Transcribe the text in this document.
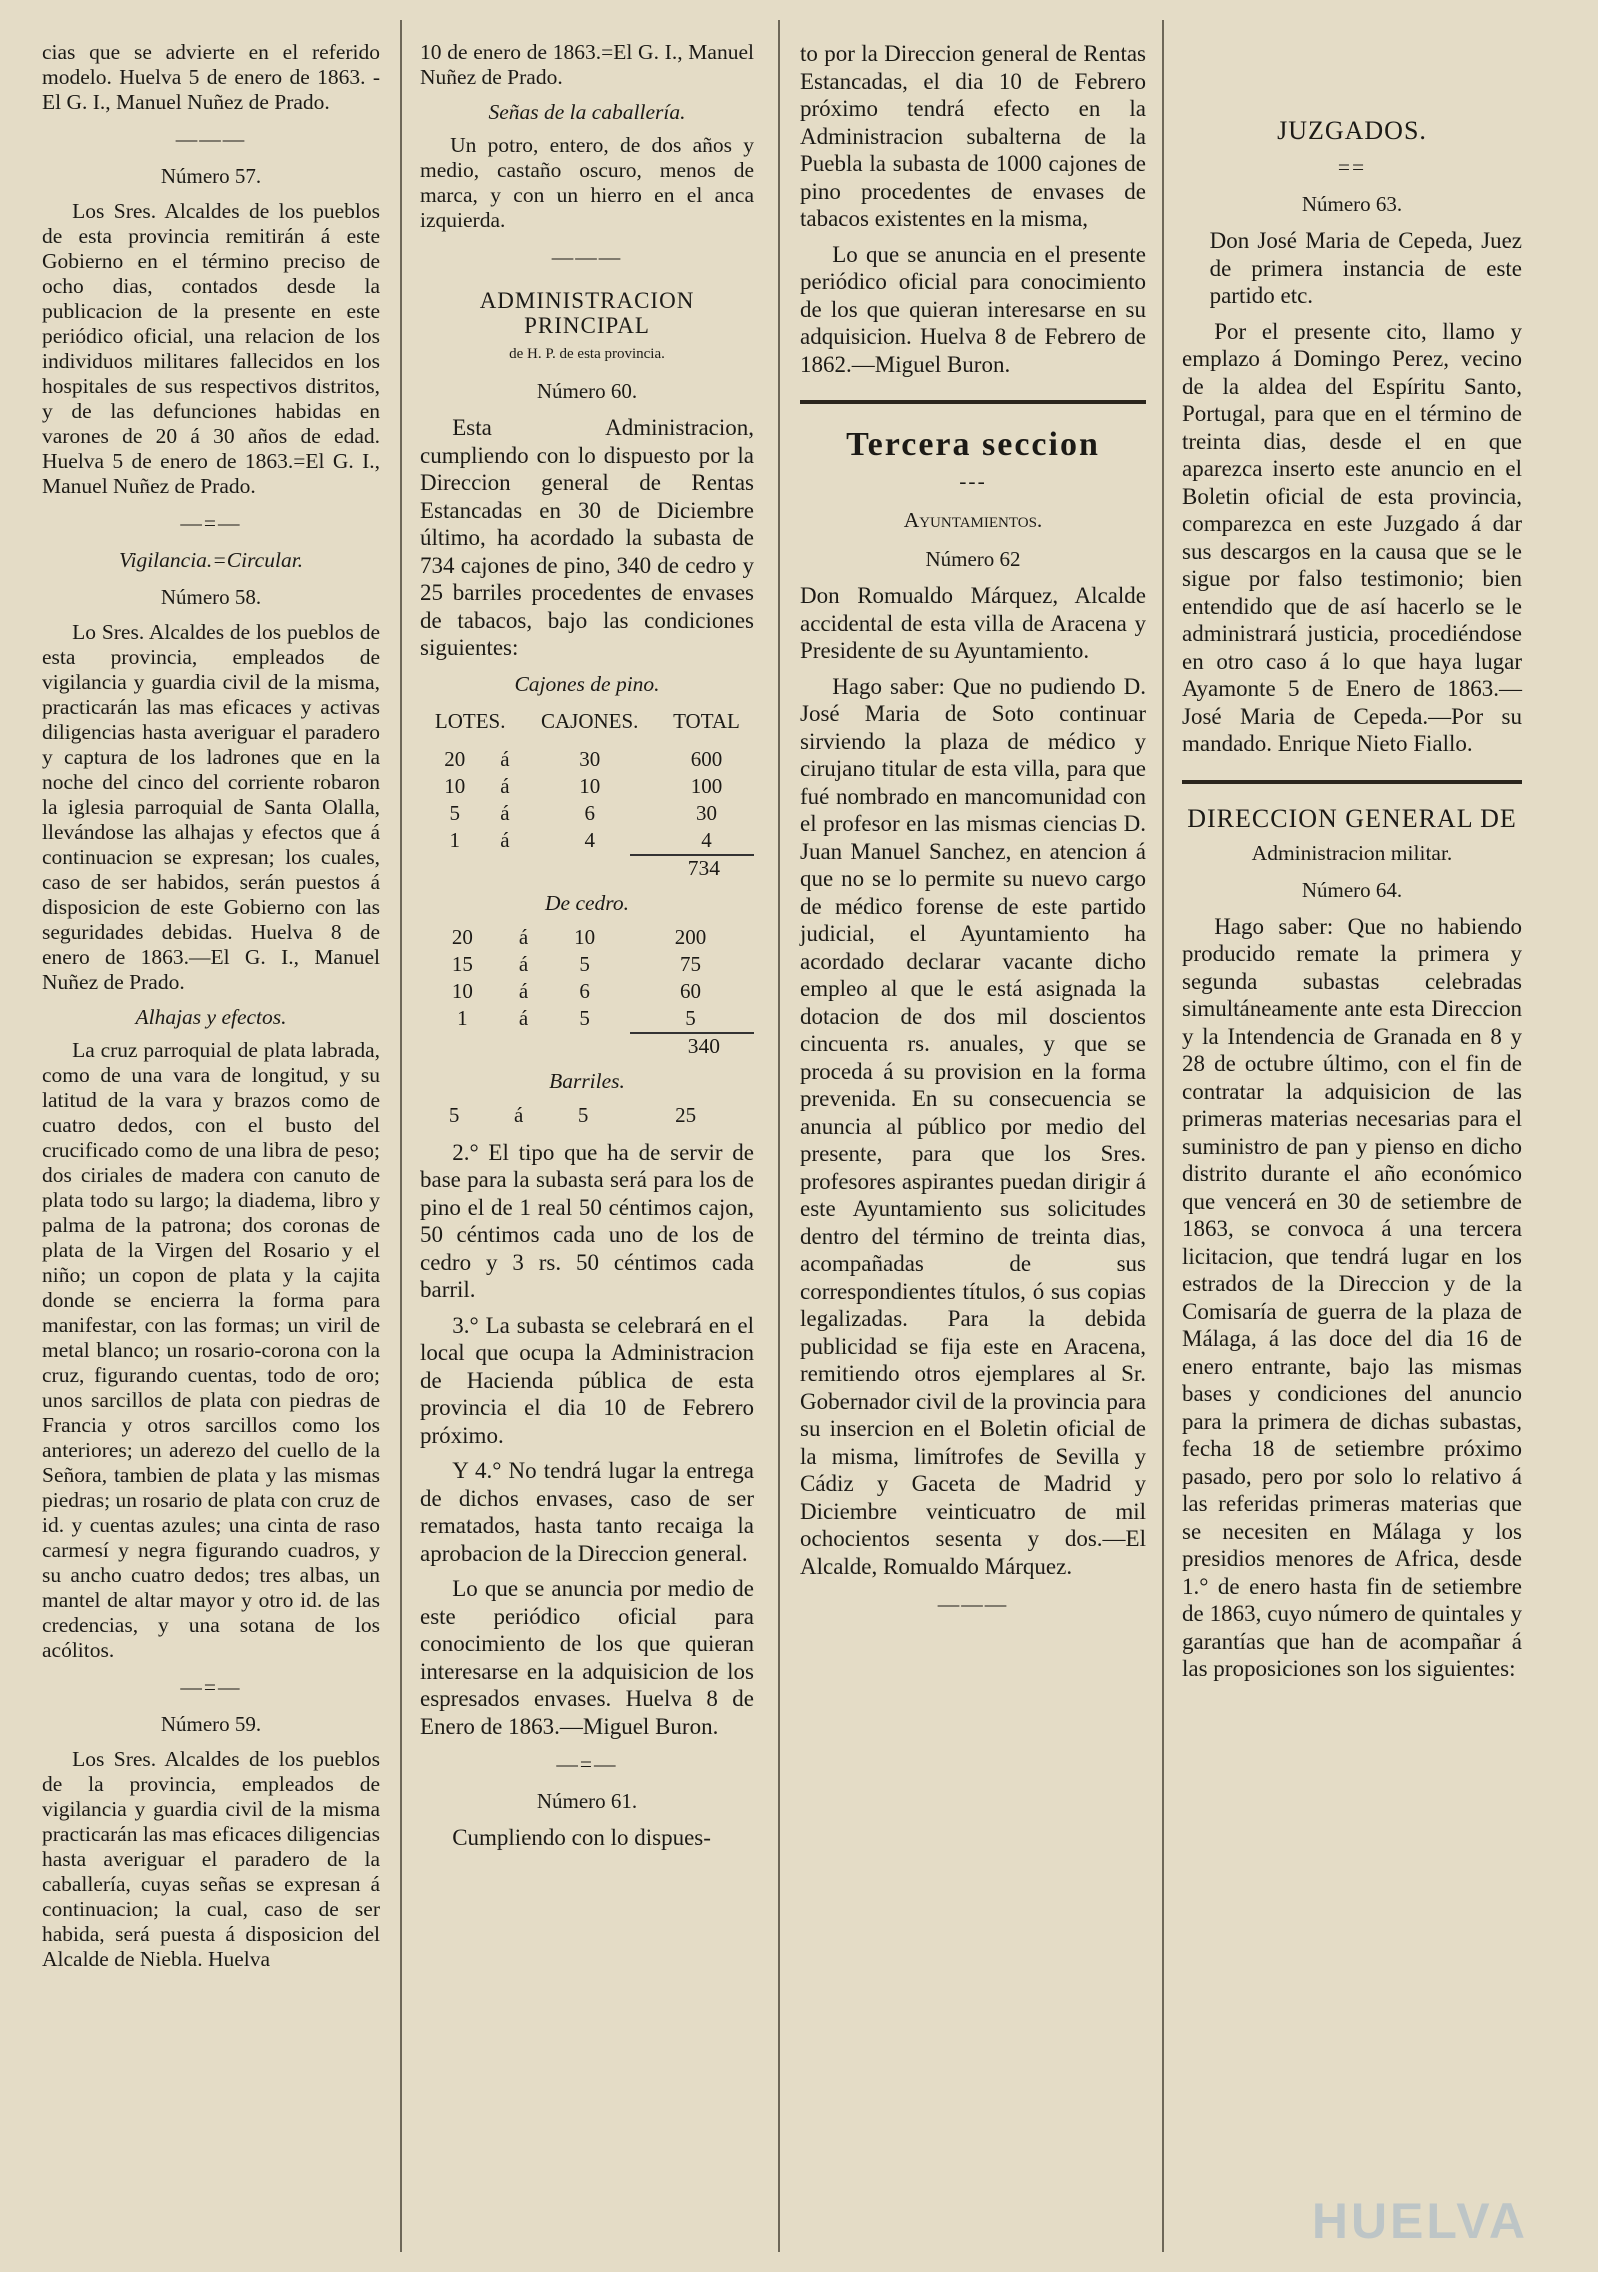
cias que se advierte en el referido modelo. Huelva 5 de enero de 1863. -El G. I., Manuel Nuñez de Prado.

———
Número 57.

Los Sres. Alcaldes de los pueblos de esta provincia remitirán á este Gobierno en el término preciso de ocho dias, contados desde la publicacion de la presente en este periódico oficial, una relacion de los individuos militares fallecidos en los hospitales de sus respectivos distritos, y de las defunciones habidas en varones de 20 á 30 años de edad. Huelva 5 de enero de 1863.=El G. I., Manuel Nuñez de Prado.

—=—
Vigilancia.=Circular.
Número 58.

Lo Sres. Alcaldes de los pueblos de esta provincia, empleados de vigilancia y guardia civil de la misma, practicarán las mas eficaces y activas diligencias hasta averiguar el paradero y captura de los ladrones que en la noche del cinco del corriente robaron la iglesia parroquial de Santa Olalla, llevándose las alhajas y efectos que á continuacion se expresan; los cuales, caso de ser habidos, serán puestos á disposicion de este Gobierno con las seguridades debidas. Huelva 8 de enero de 1863.—El G. I., Manuel Nuñez de Prado.

Alhajas y efectos.

La cruz parroquial de plata labrada, como de una vara de longitud, y su latitud de la vara y brazos como de cuatro dedos, con el busto del crucificado como de una libra de peso; dos ciriales de madera con canuto de plata todo su largo; la diadema, libro y palma de la patrona; dos coronas de plata de la Virgen del Rosario y el niño; un copon de plata y la cajita donde se encierra la forma para manifestar, con las formas; un viril de metal blanco; un rosario-corona con la cruz, figurando cuentas, todo de oro; unos sarcillos de plata con piedras de Francia y otros sarcillos como los anteriores; un aderezo del cuello de la Señora, tambien de plata y las mismas piedras; un rosario de plata con cruz de id. y cuentas azules; una cinta de raso carmesí y negra figurando cuadros, y su ancho cuatro dedos; tres albas, un mantel de altar mayor y otro id. de las credencias, y una sotana de los acólitos.

—=—
Número 59.

Los Sres. Alcaldes de los pueblos de la provincia, empleados de vigilancia y guardia civil de la misma practicarán las mas eficaces diligencias hasta averiguar el paradero de la caballería, cuyas señas se expresan á continuacion; la cual, caso de ser habida, será puesta á disposicion del Alcalde de Niebla. Huelva

10 de enero de 1863.=El G. I., Manuel Nuñez de Prado.

Señas de la caballería.

Un potro, entero, de dos años y medio, castaño oscuro, menos de marca, y con un hierro en el anca izquierda.

———
ADMINISTRACION PRINCIPAL
de H. P. de esta provincia.
Número 60.

Esta Administracion, cumpliendo con lo dispuesto por la Direccion general de Rentas Estancadas en 30 de Diciembre último, ha acordado la subasta de 734 cajones de pino, 340 de cedro y 25 barriles procedentes de envases de tabacos, bajo las condiciones siguientes:

Cajones de pino.
LOTES.		CAJONES.	TOTAL
20	á	30	600
10	á	10	100
5	á	6	30
1	á	4	4
734
De cedro.
20	á	10	200
15	á	5	75
10	á	6	60
1	á	5	5
340
Barriles.
5	á	5	25

2.° El tipo que ha de servir de base para la subasta será para los de pino el de 1 real 50 céntimos cajon, 50 céntimos cada uno de los de cedro y 3 rs. 50 céntimos cada barril.

3.° La subasta se celebrará en el local que ocupa la Administracion de Hacienda pública de esta provincia el dia 10 de Febrero próximo.

Y 4.° No tendrá lugar la entrega de dichos envases, caso de ser rematados, hasta tanto recaiga la aprobacion de la Direccion general.

Lo que se anuncia por medio de este periódico oficial para conocimiento de los que quieran interesarse en la adquisicion de los espresados envases. Huelva 8 de Enero de 1863.—Miguel Buron.

—=—
Número 61.

Cumpliendo con lo dispues-

to por la Direccion general de Rentas Estancadas, el dia 10 de Febrero próximo tendrá efecto en la Administracion subalterna de la Puebla la subasta de 1000 cajones de pino procedentes de envases de tabacos existentes en la misma,

Lo que se anuncia en el presente periódico oficial para conocimiento de los que quieran interesarse en su adquisicion. Huelva 8 de Febrero de 1862.—Miguel Buron.

Tercera seccion
---
Ayuntamientos.
Número 62

Don Romualdo Márquez, Alcalde accidental de esta villa de Aracena y Presidente de su Ayuntamiento.

Hago saber: Que no pudiendo D. José Maria de Soto continuar sirviendo la plaza de médico y cirujano titular de esta villa, para que fué nombrado en mancomunidad con el profesor en las mismas ciencias D. Juan Manuel Sanchez, en atencion á que no se lo permite su nuevo cargo de médico forense de este partido judicial, el Ayuntamiento ha acordado declarar vacante dicho empleo al que le está asignada la dotacion de dos mil doscientos cincuenta rs. anuales, y que se proceda á su provision en la forma prevenida. En su consecuencia se anuncia al público por medio del presente, para que los Sres. profesores aspirantes puedan dirigir á este Ayuntamiento sus solicitudes dentro del término de treinta dias, acompañadas de sus correspondientes títulos, ó sus copias legalizadas. Para la debida publicidad se fija este en Aracena, remitiendo otros ejemplares al Sr. Gobernador civil de la provincia para su insercion en el Boletin oficial de la misma, limítrofes de Sevilla y Cádiz y Gaceta de Madrid y Diciembre veinticuatro de mil ochocientos sesenta y dos.—El Alcalde, Romualdo Márquez.

———
JUZGADOS.
==
Número 63.

Don José Maria de Cepeda, Juez de primera instancia de este partido etc.

Por el presente cito, llamo y emplazo á Domingo Perez, vecino de la aldea del Espíritu Santo, Portugal, para que en el término de treinta dias, desde el en que aparezca inserto este anuncio en el Boletin oficial de esta provincia, comparezca en este Juzgado á dar sus descargos en la causa que se le sigue por falso testimonio; bien entendido que de así hacerlo se le administrará justicia, procediéndose en otro caso á lo que haya lugar Ayamonte 5 de Enero de 1863.—José Maria de Cepeda.—Por su mandado. Enrique Nieto Fiallo.

DIRECCION GENERAL DE
Administracion militar.
Número 64.

Hago saber: Que no habiendo producido remate la primera y segunda subastas celebradas simultáneamente ante esta Direccion y la Intendencia de Granada en 8 y 28 de octubre último, con el fin de contratar la adquisicion de las primeras materias necesarias para el suministro de pan y pienso en dicho distrito durante el año económico que vencerá en 30 de setiembre de 1863, se convoca á una tercera licitacion, que tendrá lugar en los estrados de la Direccion y de la Comisaría de guerra de la plaza de Málaga, á las doce del dia 16 de enero entrante, bajo las mismas bases y condiciones del anuncio para la primera de dichas subastas, fecha 18 de setiembre próximo pasado, pero por solo lo relativo á las referidas primeras materias que se necesiten en Málaga y los presidios menores de Africa, desde 1.° de enero hasta fin de setiembre de 1863, cuyo número de quintales y garantías que han de acompañar á las proposiciones son los siguientes:

HUELVA
